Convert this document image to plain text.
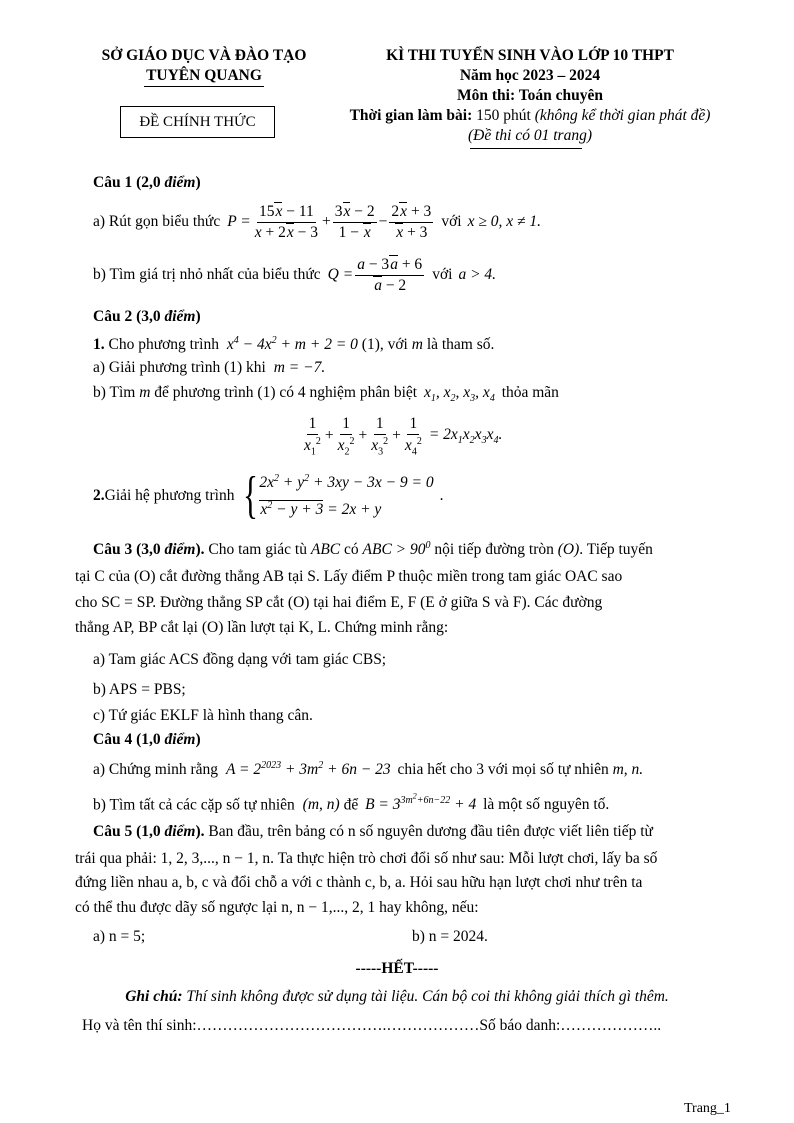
SỞ GIÁO DỤC VÀ ĐÀO TẠO
TUYÊN QUANG
ĐỀ CHÍNH THỨC
KÌ THI TUYỂN SINH VÀO LỚP 10 THPT
Năm học 2023 – 2024
Môn thi: Toán chuyên
Thời gian làm bài: 150 phút (không kể thời gian phát đề)
(Đề thi có 01 trang)
Câu 1 (2,0 điểm)
a) Rút gọn biểu thức $P = \frac{15x - 11}{x + 2x - 3} + \frac{3x - 2}{1 - x} - \frac{2x + 3}{x + 3}$ với x ≥ 0, x ≠ 1.
b) Tìm giá trị nhỏ nhất của biểu thức $Q = \frac{a - 3a + 6}{a - 2}$ với a > 4.
Câu 2 (3,0 điểm)
1. Cho phương trình $x^4 - 4x^2 + m + 2 = 0$ (1), với m là tham số.
a) Giải phương trình (1) khi m = −7.
b) Tìm m để phương trình (1) có 4 nghiệm phân biệt $x_1$, $x_2$, $x_3$, $x_4$ thỏa mãn
$\frac{1}{x_1^2} + \frac{1}{x_2^2} + \frac{1}{x_3^2} + \frac{1}{x_4^2} = 2x_1x_2x_3x_4$.
2. Giải hệ phương trình { $2x^2 + y^2 + 3xy - 3x - 9 = 0$
$x^2 - y + 3 = 2x + y$
.
Câu 3 (3,0 điểm). Cho tam giác tù ABC có ABC > $90^0$ nội tiếp đường tròn (O). Tiếp tuyến
tại C của (O) cắt đường thẳng AB tại S. Lấy điểm P thuộc miền trong tam giác OAC sao
cho SC = SP. Đường thẳng SP cắt (O) tại hai điểm E, F (E ở giữa S và F). Các đường
thẳng AP, BP cắt lại (O) lần lượt tại K, L. Chứng minh rằng:
a) Tam giác ACS đồng dạng với tam giác CBS;
b) APS = PBS;
c) Tứ giác EKLF là hình thang cân.
Câu 4 (1,0 điểm)
a) Chứng minh rằng $A = 2^{2023} + 3m^2 + 6n - 23$ chia hết cho 3 với mọi số tự nhiên m, n.
b) Tìm tất cả các cặp số tự nhiên (m, n) để $B = 3^{3m^2+6n-22} + 4$ là một số nguyên tố.
Câu 5 (1,0 điểm). Ban đầu, trên bảng có n số nguyên dương đầu tiên được viết liên tiếp từ
trái qua phải: 1, 2, 3,..., n − 1, n. Ta thực hiện trò chơi đổi số như sau: Mỗi lượt chơi, lấy ba số
đứng liền nhau a, b, c và đổi chỗ a với c thành c, b, a. Hỏi sau hữu hạn lượt chơi như trên ta
có thể thu được dãy số ngược lại n, n − 1,..., 2, 1 hay không, nếu:
a) n = 5;	b) n = 2024.
-----HẾT-----
Ghi chú: Thí sinh không được sử dụng tài liệu. Cán bộ coi thi không giải thích gì thêm.
Họ và tên thí sinh:……………………………….………………Số báo danh:………………..
Trang_1
